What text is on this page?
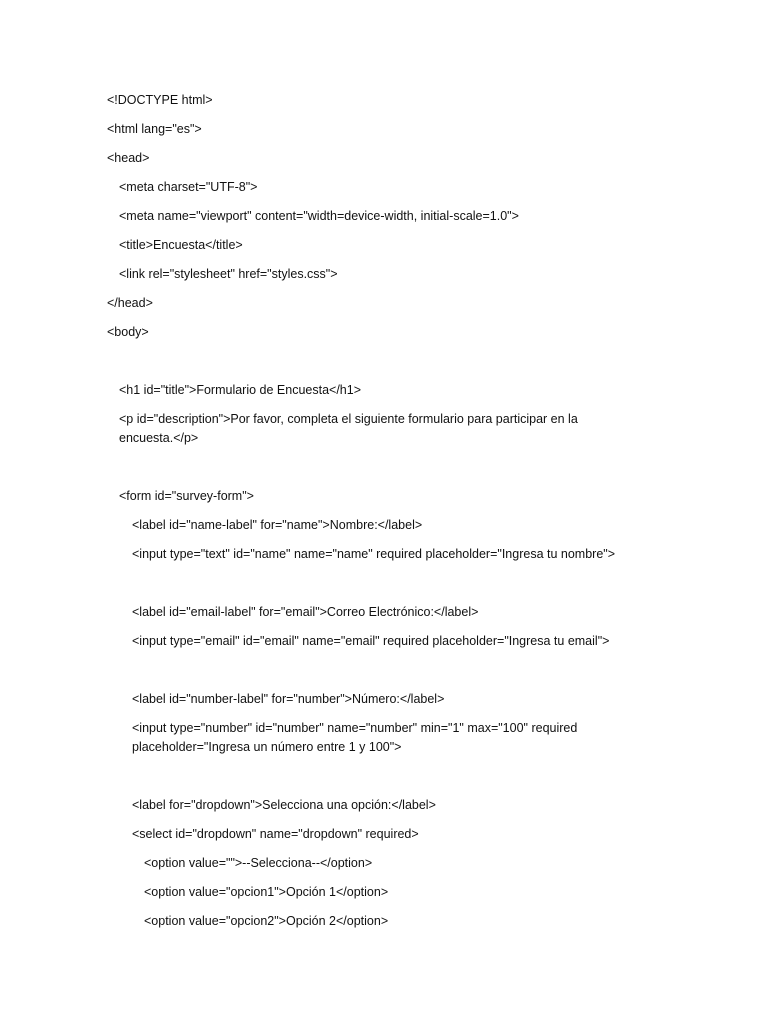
<!DOCTYPE html>
<html lang="es">
<head>
<meta charset="UTF-8">
<meta name="viewport" content="width=device-width, initial-scale=1.0">
<title>Encuesta</title>
<link rel="stylesheet" href="styles.css">
</head>
<body>
<h1 id="title">Formulario de Encuesta</h1>
<p id="description">Por favor, completa el siguiente formulario para participar en la encuesta.</p>
<form id="survey-form">
<label id="name-label" for="name">Nombre:</label>
<input type="text" id="name" name="name" required placeholder="Ingresa tu nombre">
<label id="email-label" for="email">Correo Electrónico:</label>
<input type="email" id="email" name="email" required placeholder="Ingresa tu email">
<label id="number-label" for="number">Número:</label>
<input type="number" id="number" name="number" min="1" max="100" required placeholder="Ingresa un número entre 1 y 100">
<label for="dropdown">Selecciona una opción:</label>
<select id="dropdown" name="dropdown" required>
<option value="">--Selecciona--</option>
<option value="opcion1">Opción 1</option>
<option value="opcion2">Opción 2</option>
